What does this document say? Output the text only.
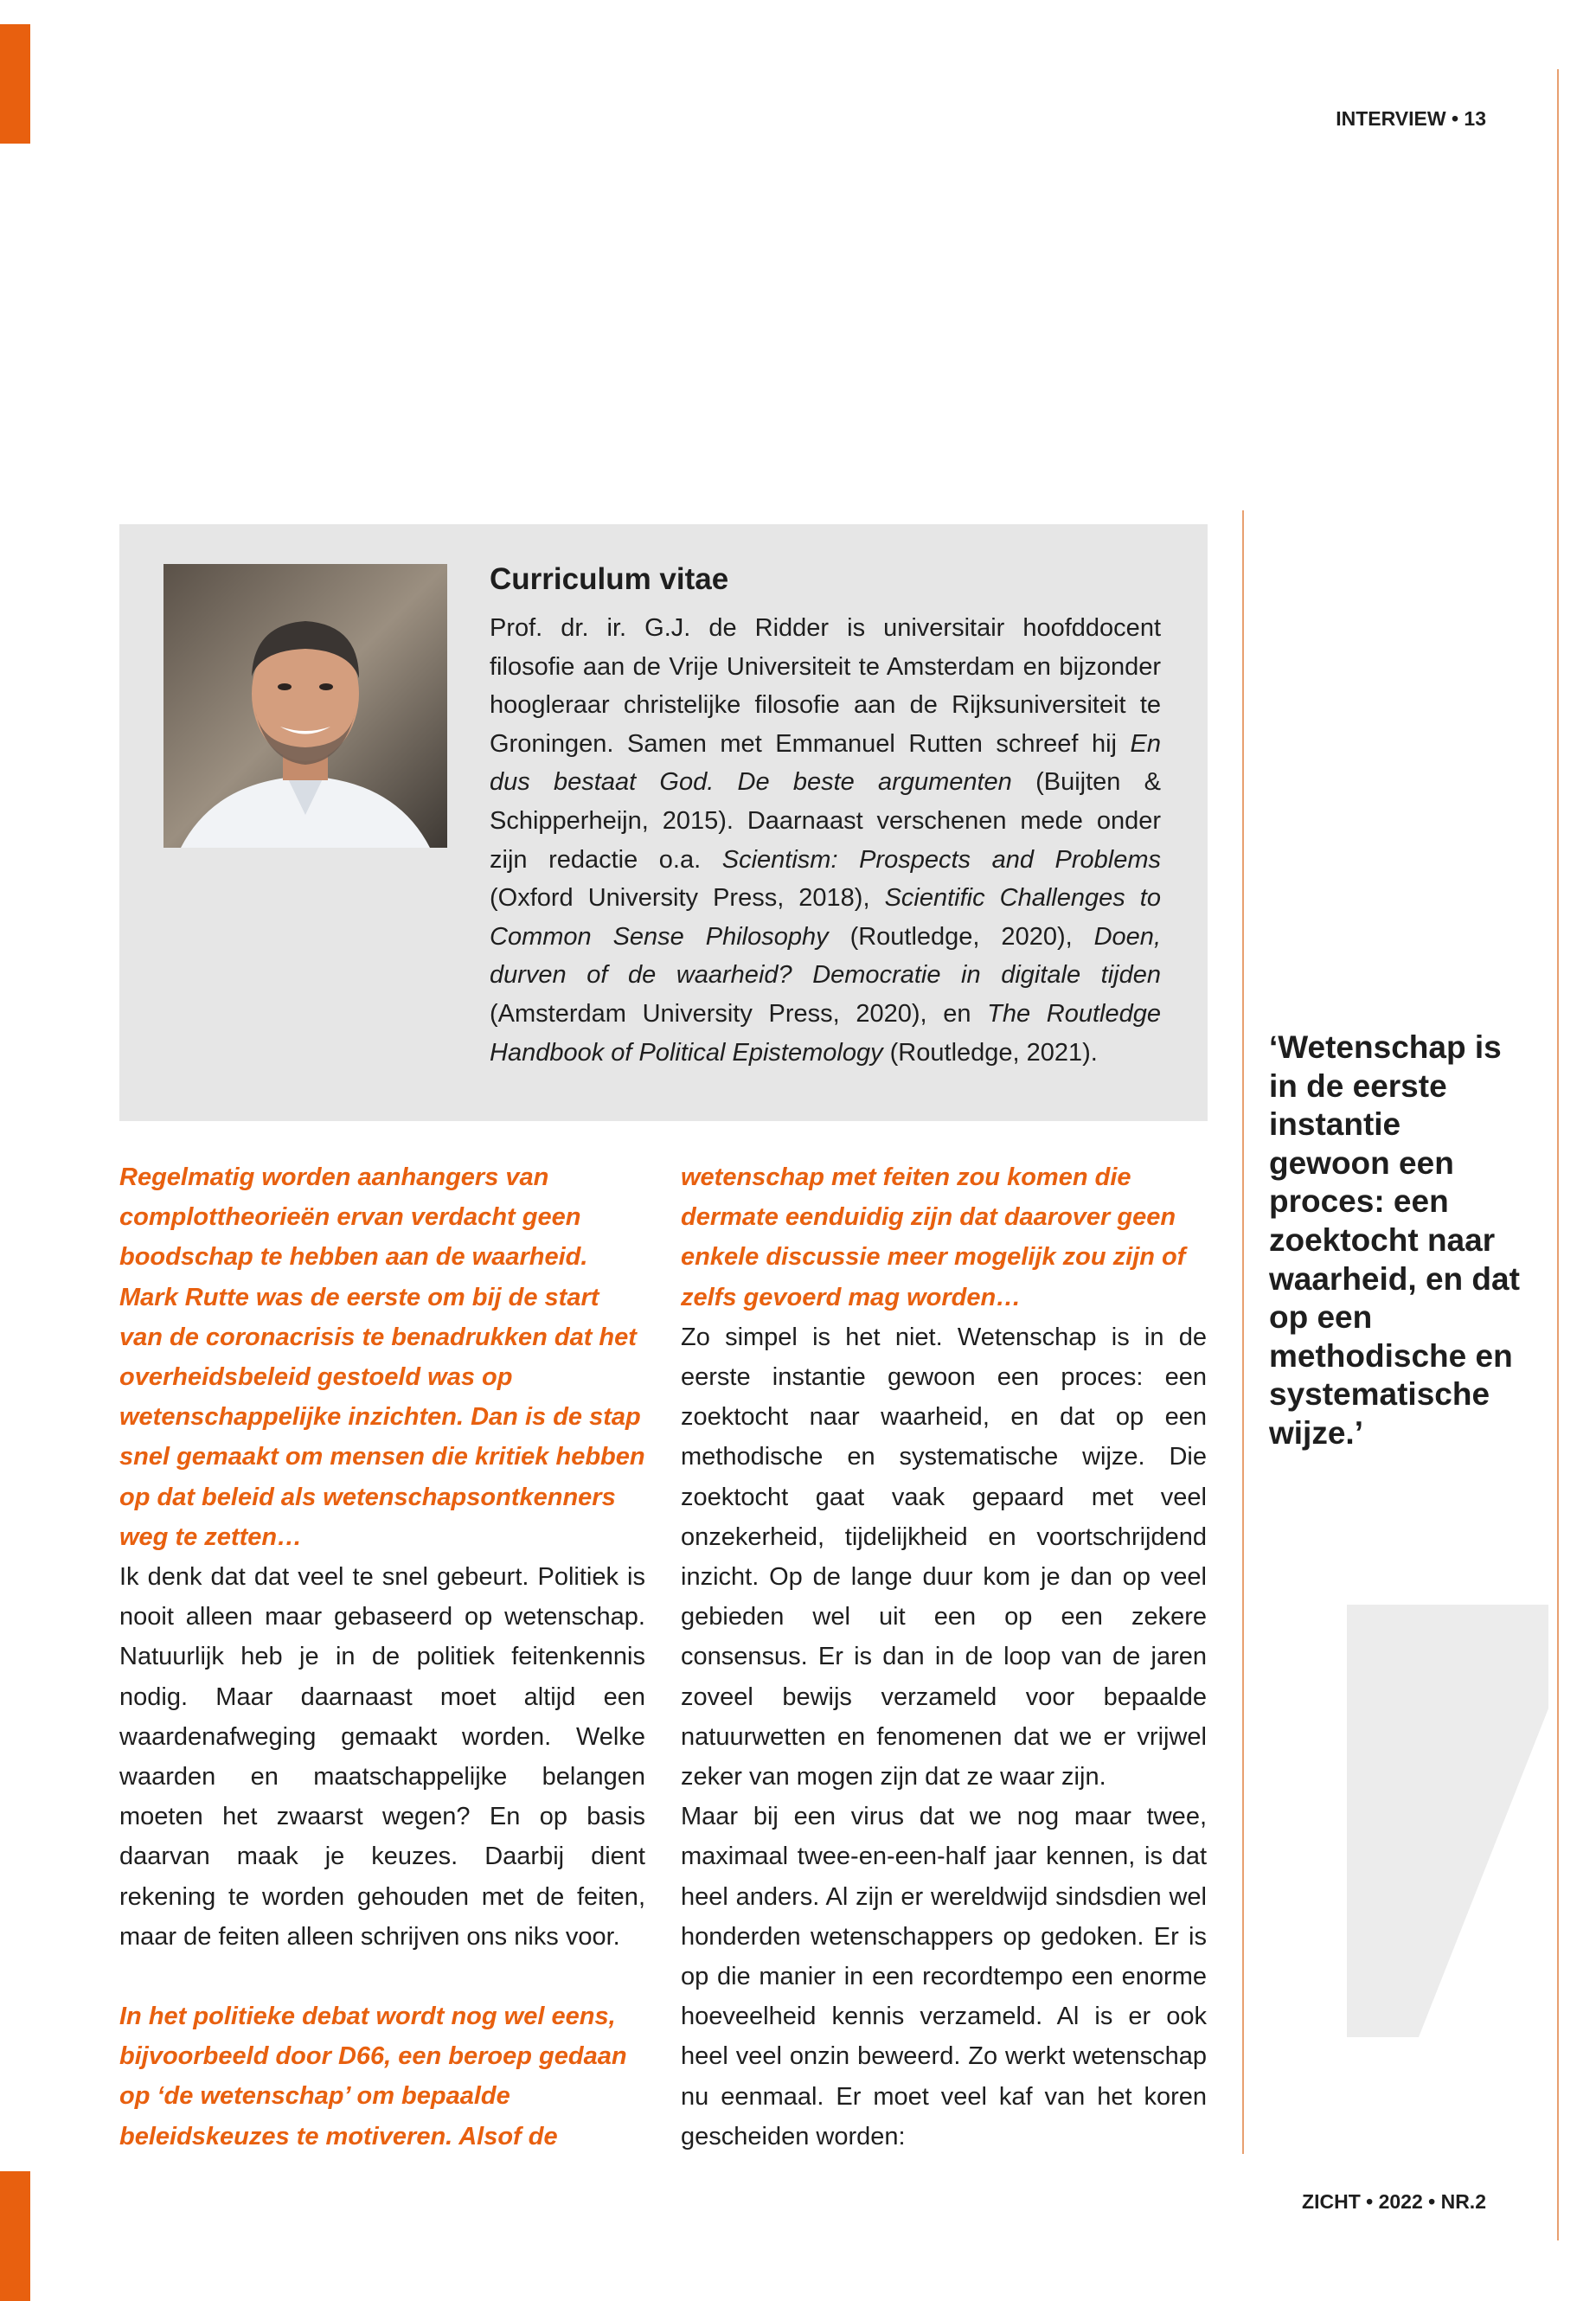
INTERVIEW • 13
ZICHT • 2022 • NR.2
Curriculum vitae

Prof. dr. ir. G.J. de Ridder is universitair hoofddocent filosofie aan de Vrije Universiteit te Amsterdam en bijzonder hoogleraar christelijke filosofie aan de Rijksuniversiteit te Groningen. Samen met Emmanuel Rutten schreef hij En dus bestaat God. De beste argumenten (Buijten & Schipperheijn, 2015). Daarnaast verschenen mede onder zijn redactie o.a. Scientism: Prospects and Problems (Oxford University Press, 2018), Scientific Challenges to Common Sense Philosophy (Routledge, 2020), Doen, durven of de waarheid? Democratie in digitale tijden (Amsterdam University Press, 2020), en The Routledge Handbook of Political Epistemology (Routledge, 2021).

Regelmatig worden aanhangers van complottheorieën ervan verdacht geen boodschap te hebben aan de waarheid. Mark Rutte was de eerste om bij de start van de coronacrisis te benadrukken dat het overheidsbeleid gestoeld was op wetenschappelijke inzichten. Dan is de stap snel gemaakt om mensen die kritiek hebben op dat beleid als wetenschapsontkenners weg te zetten…

Ik denk dat dat veel te snel gebeurt. Politiek is nooit alleen maar gebaseerd op wetenschap. Natuurlijk heb je in de politiek feitenkennis nodig. Maar daarnaast moet altijd een waardenafweging gemaakt worden. Welke waarden en maatschappelijke belangen moeten het zwaarst wegen? En op basis daarvan maak je keuzes. Daarbij dient rekening te worden gehouden met de feiten, maar de feiten alleen schrijven ons niks voor.

In het politieke debat wordt nog wel eens, bijvoorbeeld door D66, een beroep gedaan op ‘de wetenschap’ om bepaalde beleidskeuzes te motiveren. Alsof de

wetenschap met feiten zou komen die dermate eenduidig zijn dat daarover geen enkele discussie meer mogelijk zou zijn of zelfs gevoerd mag worden…

Zo simpel is het niet. Wetenschap is in de eerste instantie gewoon een proces: een zoektocht naar waarheid, en dat op een methodische en systematische wijze. Die zoektocht gaat vaak gepaard met veel onzekerheid, tijdelijkheid en voortschrijdend inzicht. Op de lange duur kom je dan op veel gebieden wel uit een op een zekere consensus. Er is dan in de loop van de jaren zoveel bewijs verzameld voor bepaalde natuurwetten en fenomenen dat we er vrijwel zeker van mogen zijn dat ze waar zijn.

Maar bij een virus dat we nog maar twee, maximaal twee-en-een-half jaar kennen, is dat heel anders. Al zijn er wereldwijd sindsdien wel honderden wetenschappers op gedoken. Er is op die manier in een recordtempo een enorme hoeveelheid kennis verzameld. Al is er ook heel veel onzin beweerd. Zo werkt wetenschap nu eenmaal. Er moet veel kaf van het koren gescheiden worden:

‘Wetenschap is in de eerste instantie gewoon een proces: een zoektocht naar waarheid, en dat op een methodische en systematische wijze.’
